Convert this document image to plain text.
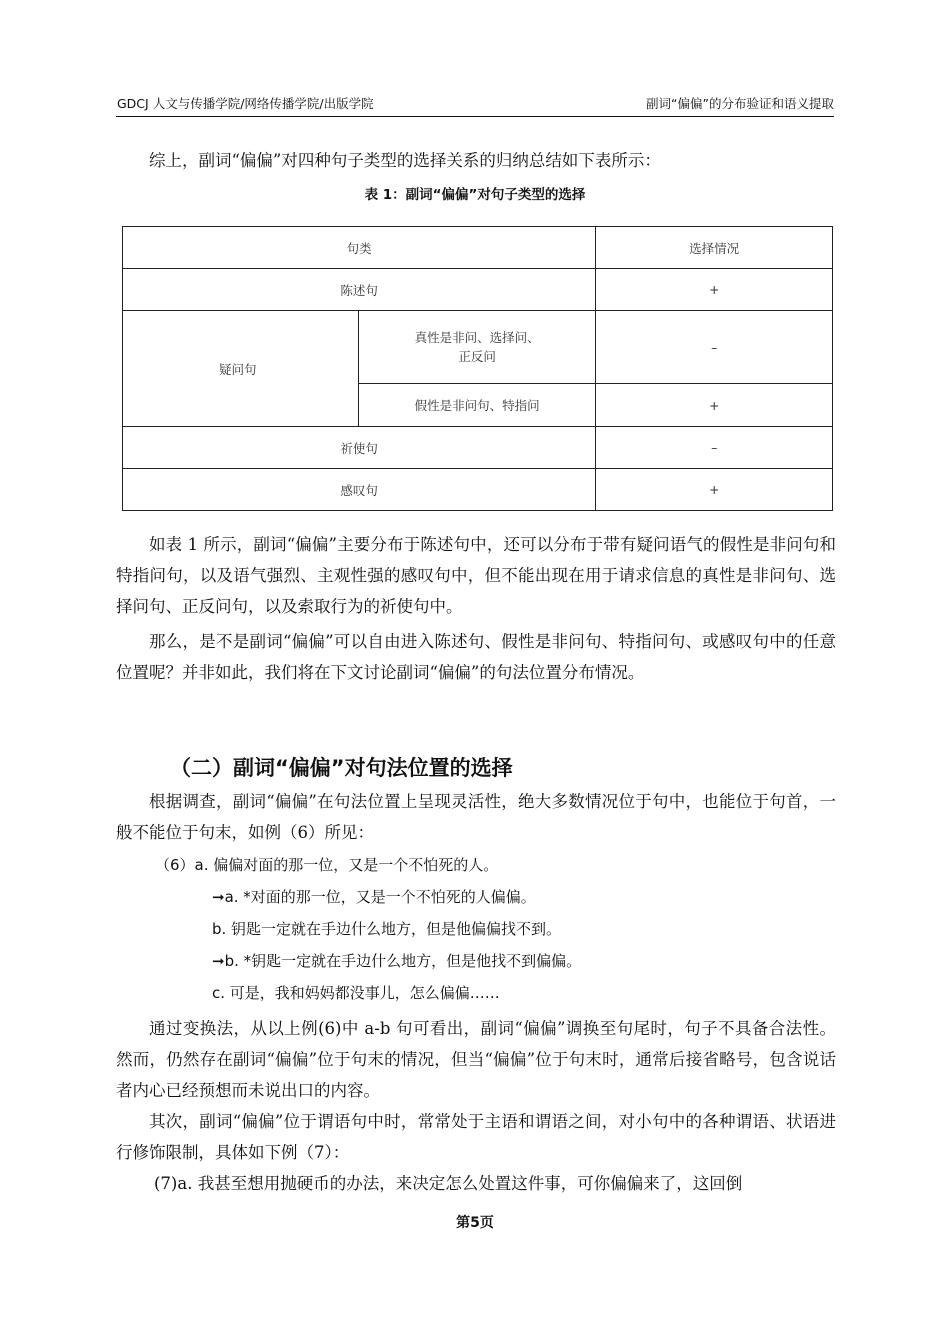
GDCJ 人文与传播学院/网络传播学院/出版学院	副词“偏偏”的分布验证和语义提取

综上，副词“偏偏”对四种句子类型的选择关系的归纳总结如下表所示：

表 1：副词“偏偏”对句子类型的选择
句类		选择情况
陈述句		+
疑问句	真性是非问、选择问、
正反问	–
	假性是非问句、特指问	+
祈使句		–
感叹句		+

如表 1 所示，副词“偏偏”主要分布于陈述句中，还可以分布于带有疑问语气的假性是非问句和特指问句，以及语气强烈、主观性强的感叹句中，但不能出现在用于请求信息的真性是非问句、选择问句、正反问句，以及索取行为的祈使句中。

那么，是不是副词“偏偏”可以自由进入陈述句、假性是非问句、特指问句、或感叹句中的任意位置呢？并非如此，我们将在下文讨论副词“偏偏”的句法位置分布情况。

（二）副词“偏偏”对句法位置的选择

根据调查，副词“偏偏”在句法位置上呈现灵活性，绝大多数情况位于句中，也能位于句首，一般不能位于句末，如例（6）所见：

（6）a. 偏偏对面的那一位，又是一个不怕死的人。
➞a. *对面的那一位，又是一个不怕死的人偏偏。
b. 钥匙一定就在手边什么地方，但是他偏偏找不到。
➞b. *钥匙一定就在手边什么地方，但是他找不到偏偏。
c. 可是，我和妈妈都没事儿，怎么偏偏……

通过变换法，从以上例(6)中 a-b 句可看出，副词“偏偏”调换至句尾时，句子不具备合法性。然而，仍然存在副词“偏偏”位于句末的情况，但当“偏偏”位于句末时，通常后接省略号，包含说话者内心已经预想而未说出口的内容。

其次，副词“偏偏”位于谓语句中时，常常处于主语和谓语之间，对小句中的各种谓语、状语进行修饰限制，具体如下例（7）：

(7)a. 我甚至想用抛硬币的办法，来决定怎么处置这件事，可你偏偏来了，这回倒

第5页
